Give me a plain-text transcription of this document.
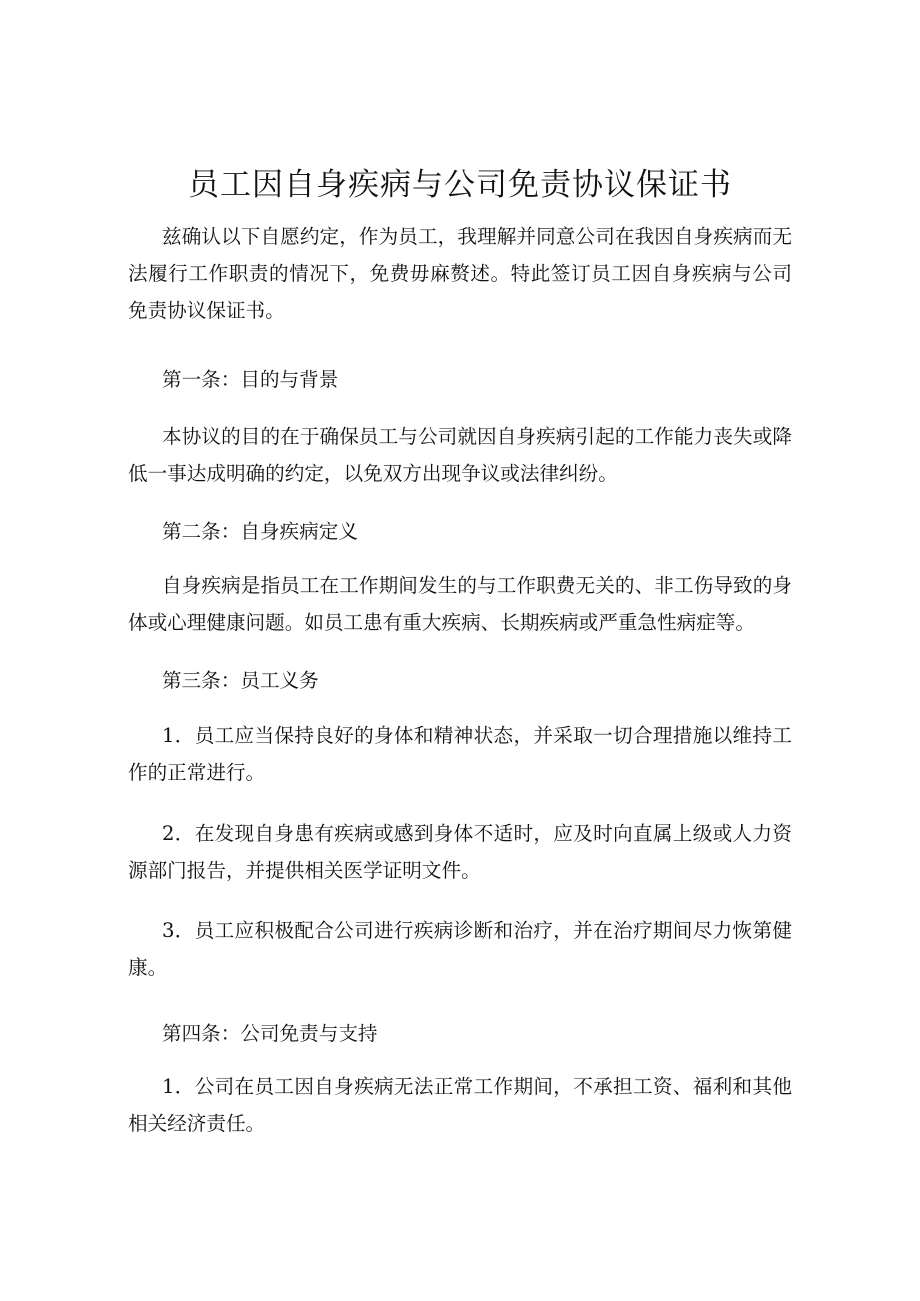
员工因自身疾病与公司免责协议保证书

兹确认以下自愿约定，作为员工，我理解并同意公司在我因自身疾病而无法履行工作职责的情况下，免费毋麻赘述。特此签订员工因自身疾病与公司免责协议保证书。

第一条：目的与背景

本协议的目的在于确保员工与公司就因自身疾病引起的工作能力丧失或降低一事达成明确的约定，以免双方出现争议或法律纠纷。

第二条：自身疾病定义

自身疾病是指员工在工作期间发生的与工作职费无关的、非工伤导致的身体或心理健康问题。如员工患有重大疾病、长期疾病或严重急性病症等。

第三条：员工义务

1．员工应当保持良好的身体和精神状态，并采取一切合理措施以维持工作的正常进行。

2．在发现自身患有疾病或感到身体不适时，应及时向直属上级或人力资源部门报告，并提供相关医学证明文件。

3．员工应积极配合公司进行疾病诊断和治疗，并在治疗期间尽力恢第健康。

第四条：公司免责与支持

1．公司在员工因自身疾病无法正常工作期间，不承担工资、福利和其他相关经济责任。
